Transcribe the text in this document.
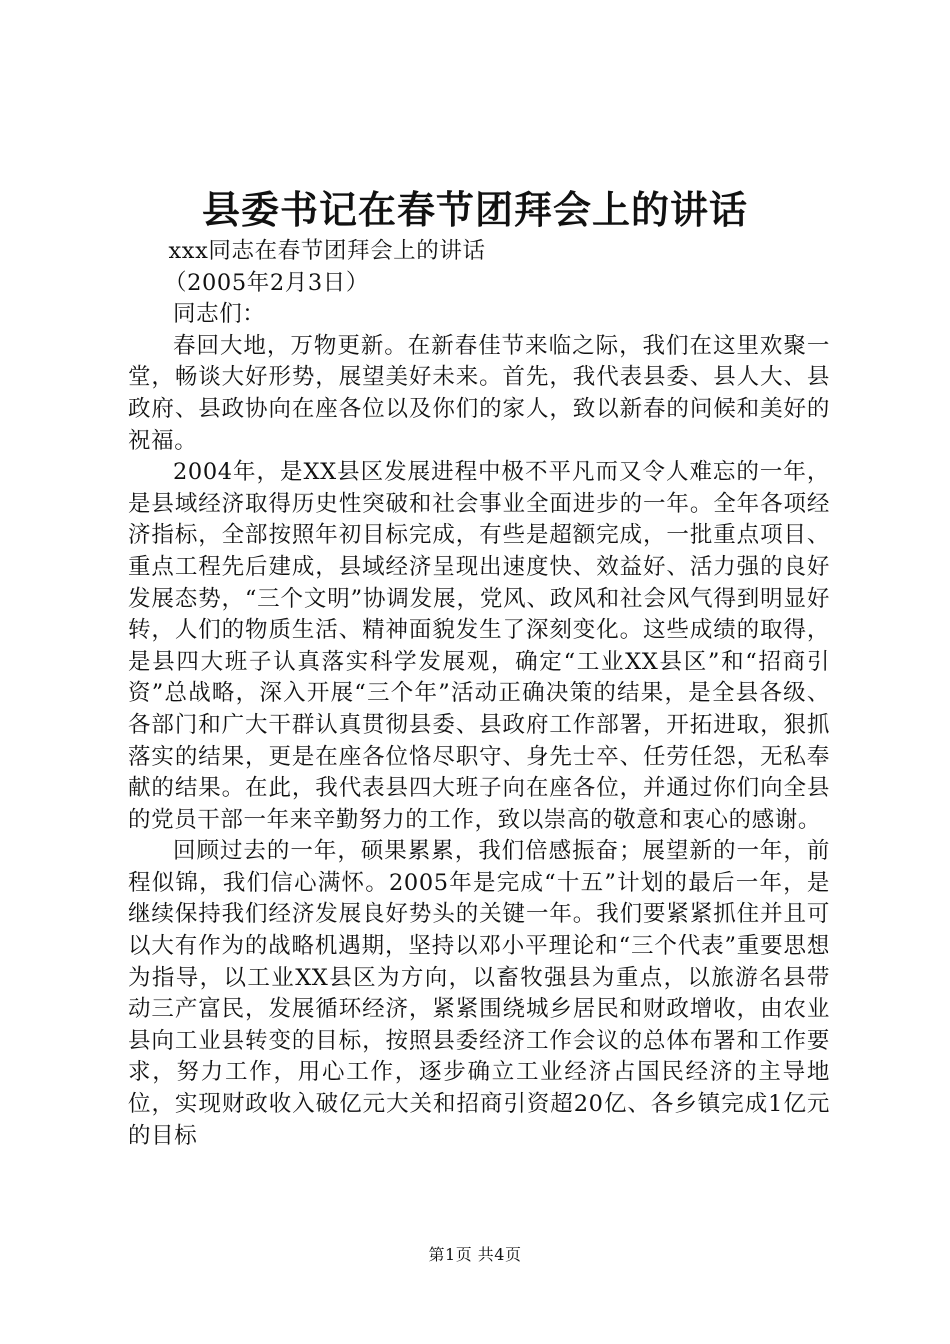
县委书记在春节团拜会上的讲话

xxx同志在春节团拜会上的讲话

（2005年2月3日）

同志们：

春回大地，万物更新。在新春佳节来临之际，我们在这里欢聚一堂，畅谈大好形势，展望美好未来。首先，我代表县委、县人大、县政府、县政协向在座各位以及你们的家人，致以新春的问候和美好的祝福。

2004年，是XX县区发展进程中极不平凡而又令人难忘的一年，是县域经济取得历史性突破和社会事业全面进步的一年。全年各项经济指标，全部按照年初目标完成，有些是超额完成，一批重点项目、重点工程先后建成，县域经济呈现出速度快、效益好、活力强的良好发展态势，“三个文明”协调发展，党风、政风和社会风气得到明显好转，人们的物质生活、精神面貌发生了深刻变化。这些成绩的取得，是县四大班子认真落实科学发展观，确定“工业XX县区”和“招商引资”总战略，深入开展“三个年”活动正确决策的结果，是全县各级、各部门和广大干群认真贯彻县委、县政府工作部署，开拓进取，狠抓落实的结果，更是在座各位恪尽职守、身先士卒、任劳任怨，无私奉献的结果。在此，我代表县四大班子向在座各位，并通过你们向全县的党员干部一年来辛勤努力的工作，致以崇高的敬意和衷心的感谢。

回顾过去的一年，硕果累累，我们倍感振奋；展望新的一年，前程似锦，我们信心满怀。2005年是完成“十五”计划的最后一年，是继续保持我们经济发展良好势头的关键一年。我们要紧紧抓住并且可以大有作为的战略机遇期，坚持以邓小平理论和“三个代表”重要思想为指导，以工业XX县区为方向，以畜牧强县为重点，以旅游名县带动三产富民，发展循环经济，紧紧围绕城乡居民和财政增收，由农业县向工业县转变的目标，按照县委经济工作会议的总体布署和工作要求，努力工作，用心工作，逐步确立工业经济占国民经济的主导地位，实现财政收入破亿元大关和招商引资超20亿、各乡镇完成1亿元的目标

第1页 共4页
